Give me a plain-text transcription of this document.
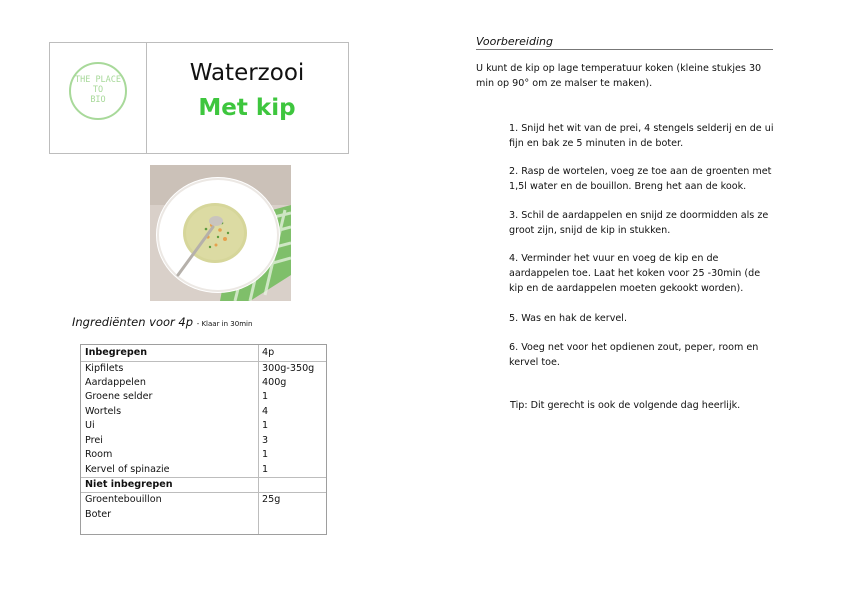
THE PLACE
TO
BIO
Waterzooi
Met kip
Ingrediënten voor 4p - Klaar in 30min
Inbegrepen	4p
Kipfilets	300g-350g
Aardappelen	400g
Groene selder	1
Wortels	4
Ui	1
Prei	3
Room	1
Kervel of spinazie	1
Niet inbegrepen
Groentebouillon	25g
Boter
Voorbereiding
U kunt de kip op lage temperatuur koken (kleine stukjes 30 min op 90° om ze malser te maken).
1. Snijd het wit van de prei, 4 stengels selderij en de ui fijn en bak ze 5 minuten in de boter.
2. Rasp de wortelen, voeg ze toe aan de groenten met 1,5l water en de bouillon. Breng het aan de kook.
3. Schil de aardappelen en snijd ze doormidden als ze groot zijn, snijd de kip in stukken.
4. Verminder het vuur en voeg de kip en de aardappelen toe. Laat het koken voor 25 -30min (de kip en de aardappelen moeten gekookt worden).
5. Was en hak de kervel.
6. Voeg net voor het opdienen zout, peper, room en kervel toe.
Tip: Dit gerecht is ook de volgende dag heerlijk.
